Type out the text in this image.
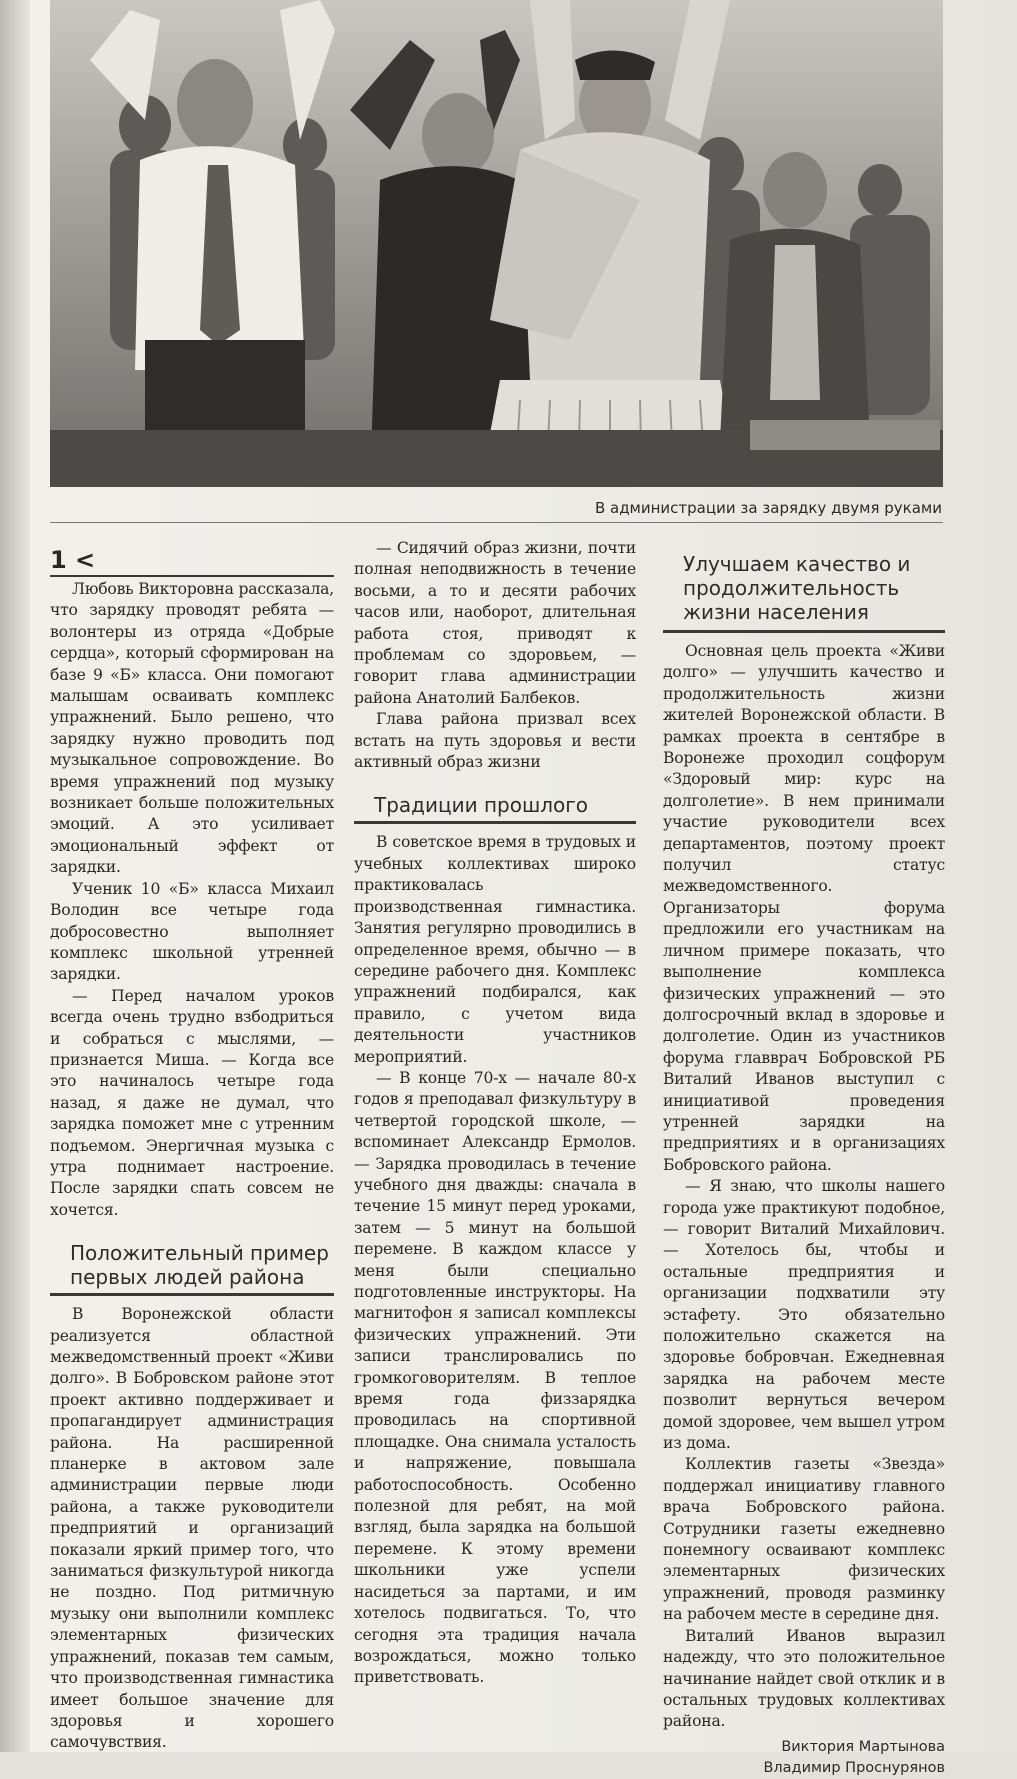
В администрации за зарядку двумя руками
1 <

Любовь Викторовна рассказала, что зарядку проводят ребята — волонтеры из отряда «Добрые сердца», который сформирован на базе 9 «Б» класса. Они помогают малышам осваивать комплекс упражнений. Было решено, что зарядку нужно проводить под музыкальное сопровождение. Во время упражнений под музыку возникает больше положительных эмоций. А это усиливает эмоциональный эффект от зарядки.

Ученик 10 «Б» класса Михаил Володин все четыре года добросовестно выполняет комплекс школьной утренней зарядки.

— Перед началом уроков всегда очень трудно взбодриться и собраться с мыслями, — признается Миша. — Когда все это начиналось четыре года назад, я даже не думал, что зарядка поможет мне с утренним подъемом. Энергичная музыка с утра поднимает настроение. После зарядки спать совсем не хочется.

Положительный пример первых людей района

В Воронежской области реализуется областной межведомственный проект «Живи долго». В Бобровском районе этот проект активно поддерживает и пропагандирует администрация района. На расширенной планерке в актовом зале администрации первые люди района, а также руководители предприятий и организаций показали яркий пример того, что заниматься физкультурой никогда не поздно. Под ритмичную музыку они выполнили комплекс элементарных физических упражнений, показав тем самым, что производственная гимнастика имеет большое значение для здоровья и хорошего самочувствия.

— Сидячий образ жизни, почти полная неподвижность в течение восьми, а то и десяти рабочих часов или, наоборот, длительная работа стоя, приводят к проблемам со здоровьем, — говорит глава администрации района Анатолий Балбеков.

Глава района призвал всех встать на путь здоровья и вести активный образ жизни

Традиции прошлого

В советское время в трудовых и учебных коллективах широко практиковалась производственная гимнастика. Занятия регулярно проводились в определенное время, обычно — в середине рабочего дня. Комплекс упражнений подбирался, как правило, с учетом вида деятельности участников мероприятий.

— В конце 70-х — начале 80-х годов я преподавал физкультуру в четвертой городской школе, — вспоминает Александр Ермолов. — Зарядка проводилась в течение учебного дня дважды: сначала в течение 15 минут перед уроками, затем — 5 минут на большой перемене. В каждом классе у меня были специально подготовленные инструкторы. На магнитофон я записал комплексы физических упражнений. Эти записи транслировались по громкоговорителям. В теплое время года физзарядка проводилась на спортивной площадке. Она снимала усталость и напряжение, повышала работоспособность. Особенно полезной для ребят, на мой взгляд, была зарядка на большой перемене. К этому времени школьники уже успели насидеться за партами, и им хотелось подвигаться. То, что сегодня эта традиция начала возрождаться, можно только приветствовать.

Улучшаем качество и продолжительность жизни населения

Основная цель проекта «Живи долго» — улучшить качество и продолжительность жизни жителей Воронежской области. В рамках проекта в сентябре в Воронеже проходил соцфорум «Здоровый мир: курс на долголетие». В нем принимали участие руководители всех департаментов, поэтому проект получил статус межведомственного. Организаторы форума предложили его участникам на личном примере показать, что выполнение комплекса физических упражнений — это долгосрочный вклад в здоровье и долголетие. Один из участников форума главврач Бобровской РБ Виталий Иванов выступил с инициативой проведения утренней зарядки на предприятиях и в организациях Бобровского района.

— Я знаю, что школы нашего города уже практикуют подобное, — говорит Виталий Михайлович. — Хотелось бы, чтобы и остальные предприятия и организации подхватили эту эстафету. Это обязательно положительно скажется на здоровье бобровчан. Ежедневная зарядка на рабочем месте позволит вернуться вечером домой здоровее, чем вышел утром из дома.

Коллектив газеты «Звезда» поддержал инициативу главного врача Бобровского района. Сотрудники газеты ежедневно понемногу осваивают комплекс элементарных физических упражнений, проводя разминку на рабочем месте в середине дня.

Виталий Иванов выразил надежду, что это положительное начинание найдет свой отклик и в остальных трудовых коллективах района.

Виктория Мартынова
Владимир Проснурянов
